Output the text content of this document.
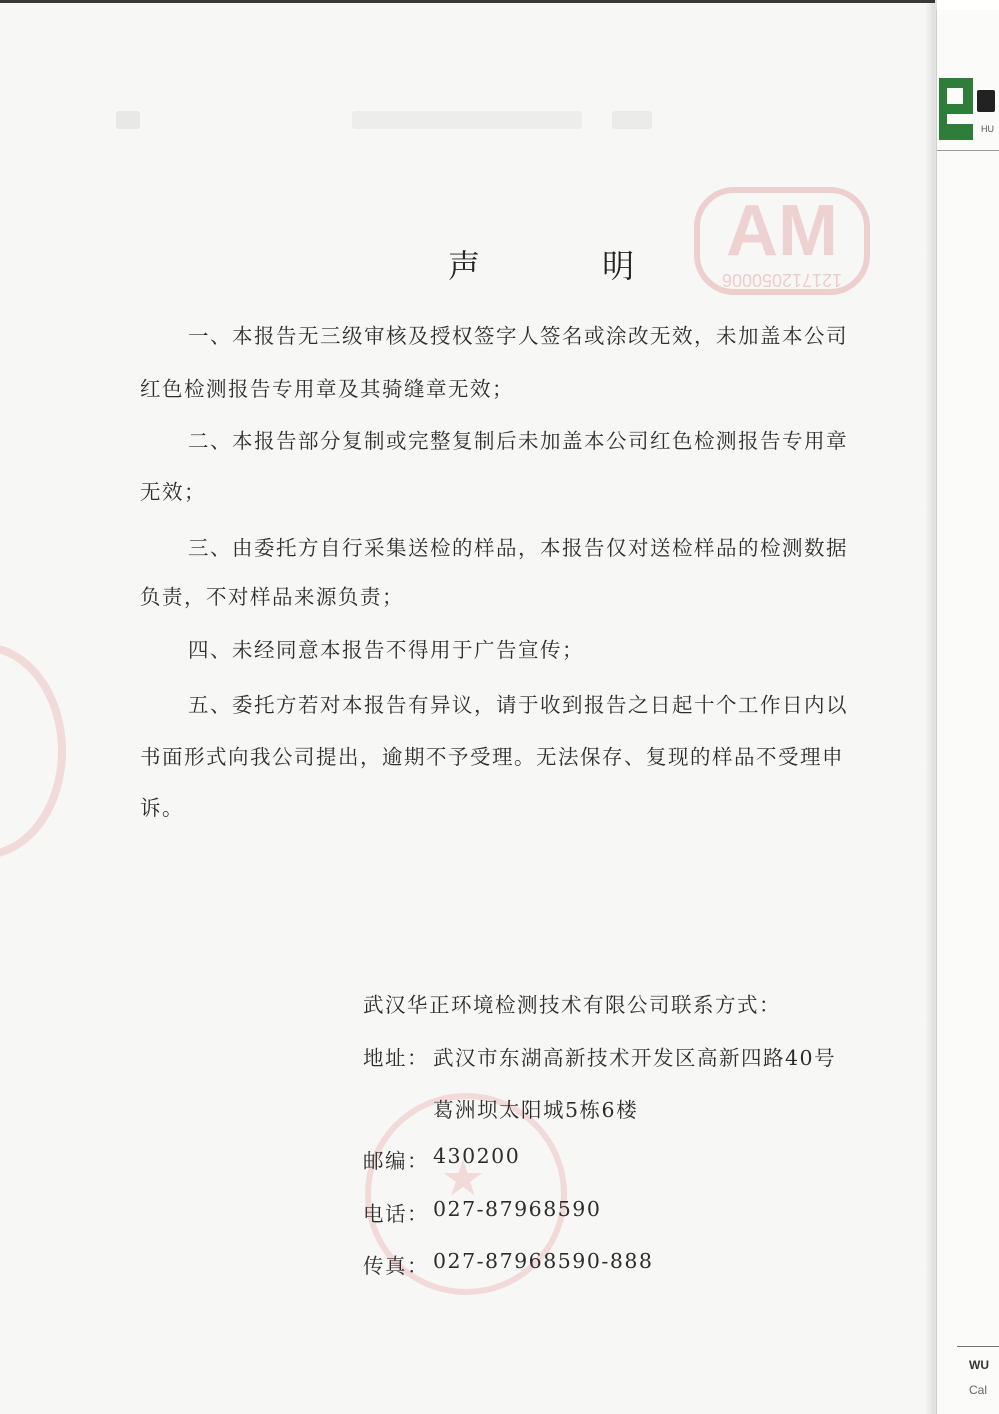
AM
121712050006
声 明
一、本报告无三级审核及授权签字人签名或涂改无效，未加盖本公司
红色检测报告专用章及其骑缝章无效；
二、本报告部分复制或完整复制后未加盖本公司红色检测报告专用章
无效；
三、由委托方自行采集送检的样品，本报告仅对送检样品的检测数据
负责，不对样品来源负责；
四、未经同意本报告不得用于广告宣传；
五、委托方若对本报告有异议，请于收到报告之日起十个工作日内以
书面形式向我公司提出，逾期不予受理。无法保存、复现的样品不受理申
诉。
武汉华正环境检测技术有限公司联系方式：
地址： 武汉市东湖高新技术开发区高新四路40号
葛洲坝太阳城5栋6楼
邮编： 430200
电话： 027-87968590
传真： 027-87968590-888
HU
WU
Cal
